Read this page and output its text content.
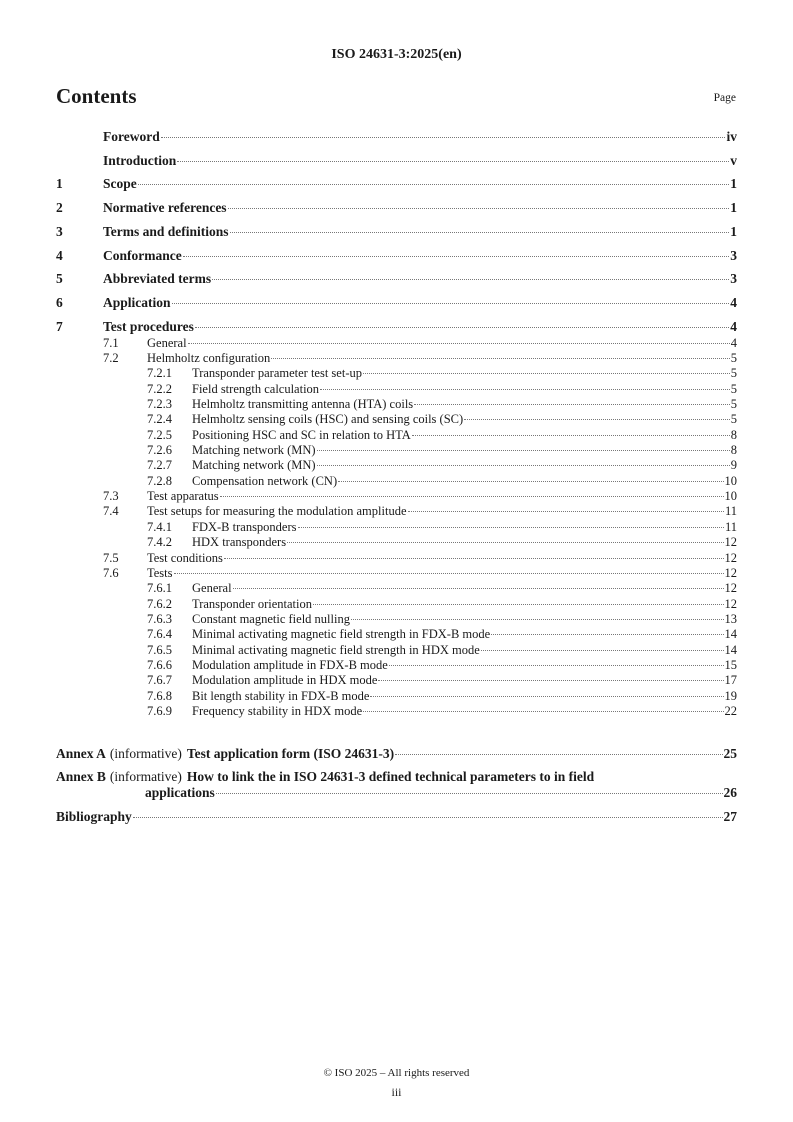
ISO 24631-3:2025(en)
Contents	Page
Foreword	iv
Introduction	v
1	Scope	1
2	Normative references	1
3	Terms and definitions	1
4	Conformance	3
5	Abbreviated terms	3
6	Application	4
7	Test procedures	4
7.1	General	4
7.2	Helmholtz configuration	5
7.2.1	Transponder parameter test set-up	5
7.2.2	Field strength calculation	5
7.2.3	Helmholtz transmitting antenna (HTA) coils	5
7.2.4	Helmholtz sensing coils (HSC) and sensing coils (SC)	5
7.2.5	Positioning HSC and SC in relation to HTA	8
7.2.6	Matching network (MN)	8
7.2.7	Matching network (MN)	9
7.2.8	Compensation network (CN)	10
7.3	Test apparatus	10
7.4	Test setups for measuring the modulation amplitude	11
7.4.1	FDX-B transponders	11
7.4.2	HDX transponders	12
7.5	Test conditions	12
7.6	Tests	12
7.6.1	General	12
7.6.2	Transponder orientation	12
7.6.3	Constant magnetic field nulling	13
7.6.4	Minimal activating magnetic field strength in FDX-B mode	14
7.6.5	Minimal activating magnetic field strength in HDX mode	14
7.6.6	Modulation amplitude in FDX-B mode	15
7.6.7	Modulation amplitude in HDX mode	17
7.6.8	Bit length stability in FDX-B mode	19
7.6.9	Frequency stability in HDX mode	22
Annex A (informative) Test application form (ISO 24631-3)	25
Annex B (informative) How to link the in ISO 24631-3 defined technical parameters to in field
applications	26
Bibliography	27
© ISO 2025 – All rights reserved
iii
